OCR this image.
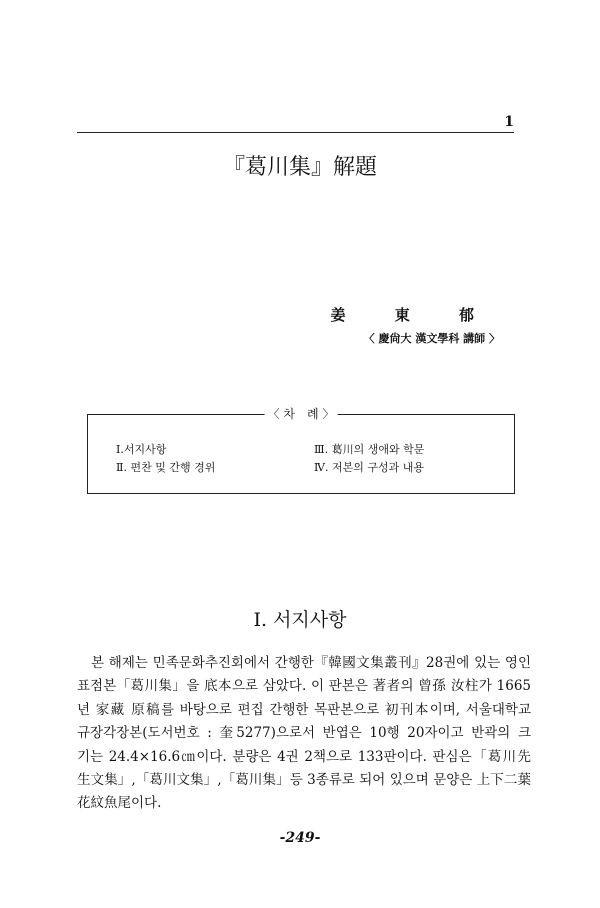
1
『葛川集』解題
姜 東 郁
〈 慶尙大 漢文學科 講師 〉
〈 차　례 〉
Ⅰ.서지사항
Ⅱ. 편찬 및 간행 경위
Ⅲ. 葛川의 생애와 학문
Ⅳ. 저본의 구성과 내용
Ⅰ. 서지사항
본 해제는 민족문화추진회에서 간행한『韓國文集叢刊』28권에 있는 영인
표점본「葛川集」을 底本으로 삼았다. 이 판본은 著者의 曾孫 汝柱가 1665
년 家藏 原稿를 바탕으로 편집 간행한 목판본으로 初刊本이며, 서울대학교
규장각장본(도서번호 : 奎5277)으로서 반엽은 10행 20자이고 반곽의 크
기는 24.4×16.6㎝이다. 분량은 4권 2책으로 133판이다. 판심은「葛川先
生文集」,「葛川文集」,「葛川集」등 3종류로 되어 있으며 문양은 上下二葉
花紋魚尾이다.
-249-
